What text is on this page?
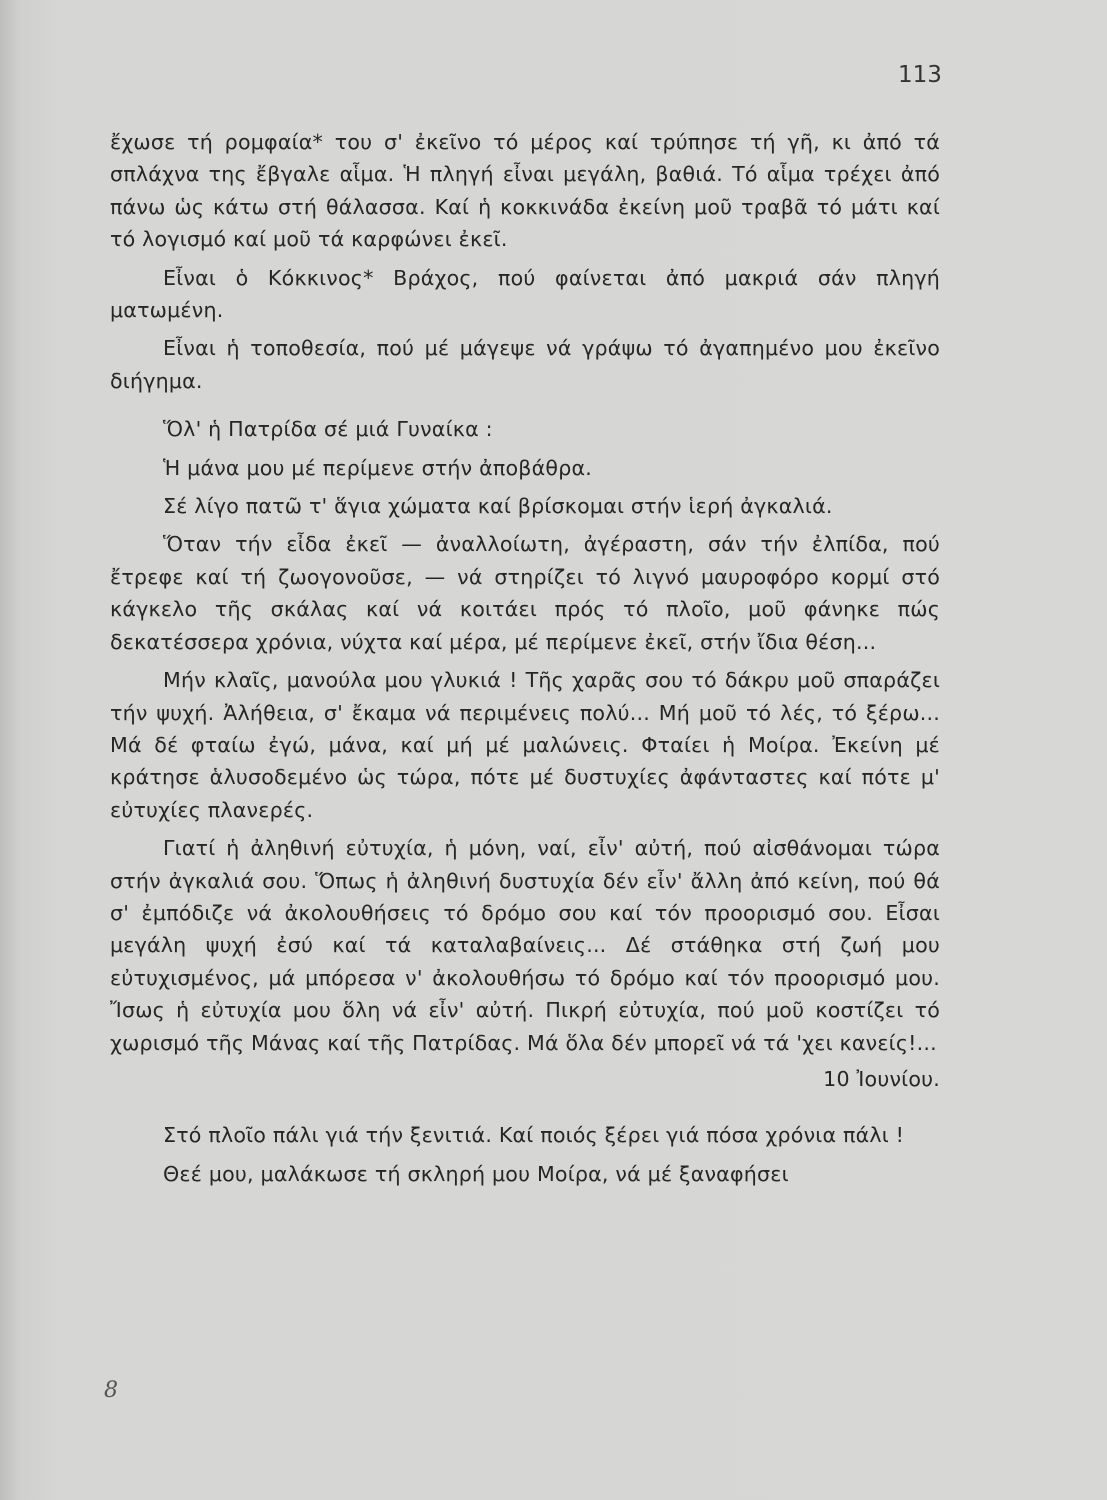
113

ἔχωσε τή ρομφαία* του σ' ἐκεῖνο τό μέρος καί τρύπησε τή γῆ, κι ἀπό τά σπλάχνα της ἔβγαλε αἷμα. Ἡ πληγή εἶναι μεγάλη, βαθιά. Τό αἷμα τρέχει ἀπό πάνω ὡς κάτω στή θάλασσα. Καί ἡ κοκκινάδα ἐκείνη μοῦ τραβᾶ τό μάτι καί τό λογισμό καί μοῦ τά καρφώνει ἐκεῖ.

Εἶναι ὁ Κόκκινος* Βράχος, πού φαίνεται ἀπό μακριά σάν πληγή ματωμένη.

Εἶναι ἡ τοποθεσία, πού μέ μάγεψε νά γράψω τό ἀγαπημένο μου ἐκεῖνο διήγημα.

Ὅλ' ἡ Πατρίδα σέ μιά Γυναίκα :

Ἡ μάνα μου μέ περίμενε στήν ἀποβάθρα.

Σέ λίγο πατῶ τ' ἅγια χώματα καί βρίσκομαι στήν ἱερή ἀγκαλιά.

Ὅταν τήν εἶδα ἐκεῖ — ἀναλλοίωτη, ἀγέραστη, σάν τήν ἐλπίδα, πού ἔτρεφε καί τή ζωογονοῦσε, — νά στηρίζει τό λιγνό μαυροφόρο κορμί στό κάγκελο τῆς σκάλας καί νά κοιτάει πρός τό πλοῖο, μοῦ φάνηκε πώς δεκατέσσερα χρόνια, νύχτα καί μέρα, μέ περίμενε ἐκεῖ, στήν ἴδια θέση...

Μήν κλαῖς, μανούλα μου γλυκιά ! Τῆς χαρᾶς σου τό δάκρυ μοῦ σπαράζει τήν ψυχή. Ἀλήθεια, σ' ἔκαμα νά περιμένεις πολύ... Μή μοῦ τό λές, τό ξέρω... Μά δέ φταίω ἐγώ, μάνα, καί μή μέ μαλώνεις. Φταίει ἡ Μοίρα. Ἐκείνη μέ κράτησε ἁλυσοδεμένο ὡς τώρα, πότε μέ δυστυχίες ἀφάνταστες καί πότε μ' εὐτυχίες πλανερές.

Γιατί ἡ ἀληθινή εὐτυχία, ἡ μόνη, ναί, εἶν' αὐτή, πού αἰσθάνομαι τώρα στήν ἀγκαλιά σου. Ὅπως ἡ ἀληθινή δυστυχία δέν εἶν' ἄλλη ἀπό κείνη, πού θά σ' ἐμπόδιζε νά ἀκολουθήσεις τό δρόμο σου καί τόν προορισμό σου. Εἶσαι μεγάλη ψυχή ἐσύ καί τά καταλαβαίνεις... Δέ στάθηκα στή ζωή μου εὐτυχισμένος, μά μπόρεσα ν' ἀκολουθήσω τό δρόμο καί τόν προορισμό μου. Ἴσως ἡ εὐτυχία μου ὅλη νά εἶν' αὐτή. Πικρή εὐτυχία, πού μοῦ κοστίζει τό χωρισμό τῆς Μάνας καί τῆς Πατρίδας. Μά ὅλα δέν μπορεῖ νά τά 'χει κανείς!...

10 Ἰουνίου.

Στό πλοῖο πάλι γιά τήν ξενιτιά. Καί ποιός ξέρει γιά πόσα χρόνια πάλι !

Θεέ μου, μαλάκωσε τή σκληρή μου Μοίρα, νά μέ ξαναφήσει

8
